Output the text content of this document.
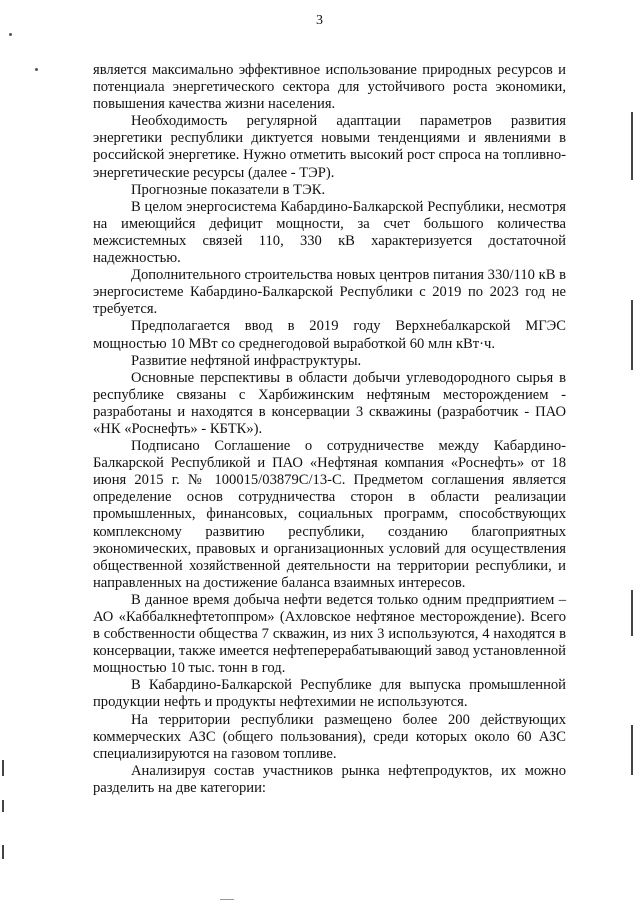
3

является максимально эффективное использование природных ресурсов и потенциала энергетического сектора для устойчивого роста экономики, повышения качества жизни населения.

Необходимость регулярной адаптации параметров развития энергетики республики диктуется новыми тенденциями и явлениями в российской энергетике. Нужно отметить высокий рост спроса на топливно-энергетические ресурсы (далее - ТЭР).

Прогнозные показатели в ТЭК.

В целом энергосистема Кабардино-Балкарской Республики, несмотря на имеющийся дефицит мощности, за счет большого количества межсистемных связей 110, 330 кВ характеризуется достаточной надежностью.

Дополнительного строительства новых центров питания 330/110 кВ в энергосистеме Кабардино-Балкарской Республики с 2019 по 2023 год не требуется.

Предполагается ввод в 2019 году Верхнебалкарской МГЭС мощностью 10 МВт со среднегодовой выработкой 60 млн кВт·ч.

Развитие нефтяной инфраструктуры.

Основные перспективы в области добычи углеводородного сырья в республике связаны с Харбижинским нефтяным месторождением - разработаны и находятся в консервации 3 скважины (разработчик - ПАО «НК «Роснефть» - КБТК»).

Подписано Соглашение о сотрудничестве между Кабардино-Балкарской Республикой и ПАО «Нефтяная компания «Роснефть» от 18 июня 2015 г. № 100015/03879С/13-С. Предметом соглашения является определение основ сотрудничества сторон в области реализации промышленных, финансовых, социальных программ, способствующих комплексному развитию республики, созданию благоприятных экономических, правовых и организационных условий для осуществления общественной хозяйственной деятельности на территории республики, и направленных на достижение баланса взаимных интересов.

В данное время добыча нефти ведется только одним предприятием – АО «Каббалкнефтетоппром» (Ахловское нефтяное месторождение). Всего в собственности общества 7 скважин, из них 3 используются, 4 находятся в консервации, также имеется нефтеперерабатывающий завод установленной мощностью 10 тыс. тонн в год.

В Кабардино-Балкарской Республике для выпуска промышленной продукции нефть и продукты нефтехимии не используются.

На территории республики размещено более 200 действующих коммерческих АЗС (общего пользования), среди которых около 60 АЗС специализируются на газовом топливе.

Анализируя состав участников рынка нефтепродуктов, их можно разделить на две категории:
